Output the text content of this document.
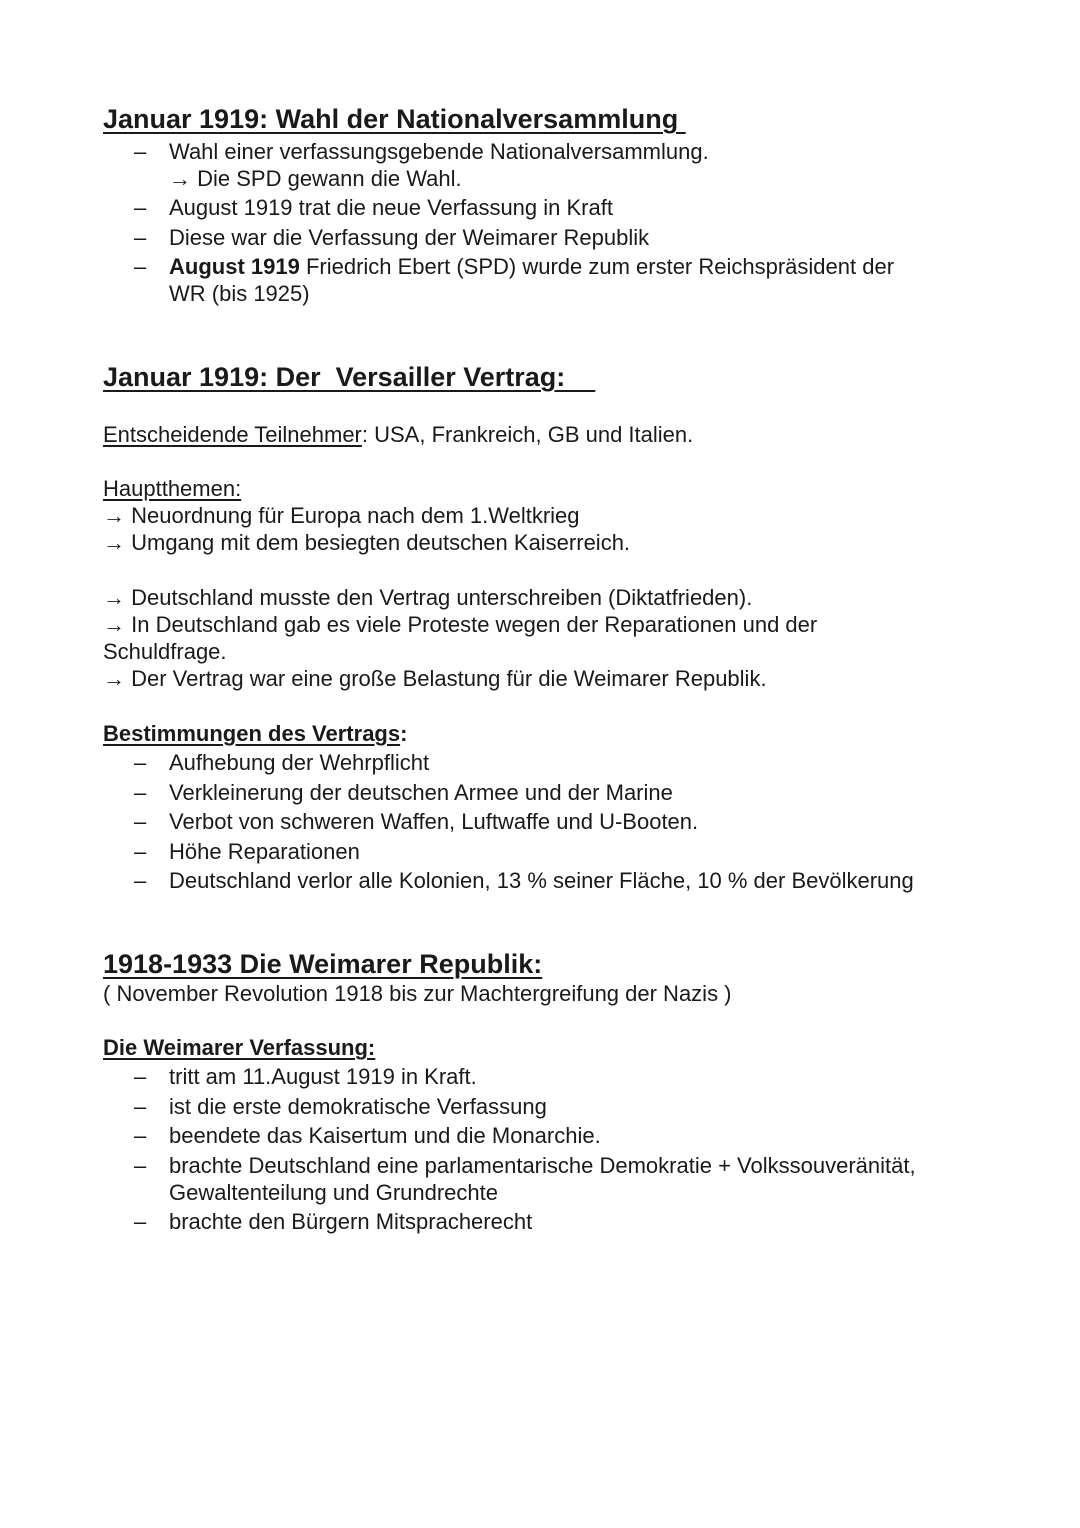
Januar 1919: Wahl der Nationalversammlung
– Wahl einer verfassungsgebende Nationalversammlung.
→ Die SPD gewann die Wahl.
– August 1919 trat die neue Verfassung in Kraft
– Diese war die Verfassung der Weimarer Republik
– August 1919 Friedrich Ebert (SPD) wurde zum erster Reichspräsident der
WR (bis 1925)
Januar 1919: Der  Versailler Vertrag:

Entscheidende Teilnehmer: USA, Frankreich, GB und Italien.

Hauptthemen:

→ Neuordnung für Europa nach dem 1.Weltkrieg

→ Umgang mit dem besiegten deutschen Kaiserreich.

→ Deutschland musste den Vertrag unterschreiben (Diktatfrieden).

→ In Deutschland gab es viele Proteste wegen der Reparationen und der

Schuldfrage.

→ Der Vertrag war eine große Belastung für die Weimarer Republik.

Bestimmungen des Vertrags:

– Aufhebung der Wehrpflicht
– Verkleinerung der deutschen Armee und der Marine
– Verbot von schweren Waffen, Luftwaffe und U-Booten.
– Höhe Reparationen
– Deutschland verlor alle Kolonien, 13 % seiner Fläche, 10 % der Bevölkerung
1918-1933 Die Weimarer Republik:

( November Revolution 1918 bis zur Machtergreifung der Nazis )

Die Weimarer Verfassung:

– tritt am 11.August 1919 in Kraft.
– ist die erste demokratische Verfassung
– beendete das Kaisertum und die Monarchie.
– brachte Deutschland eine parlamentarische Demokratie + Volkssouveränität,
Gewaltenteilung und Grundrechte
– brachte den Bürgern Mitspracherecht
